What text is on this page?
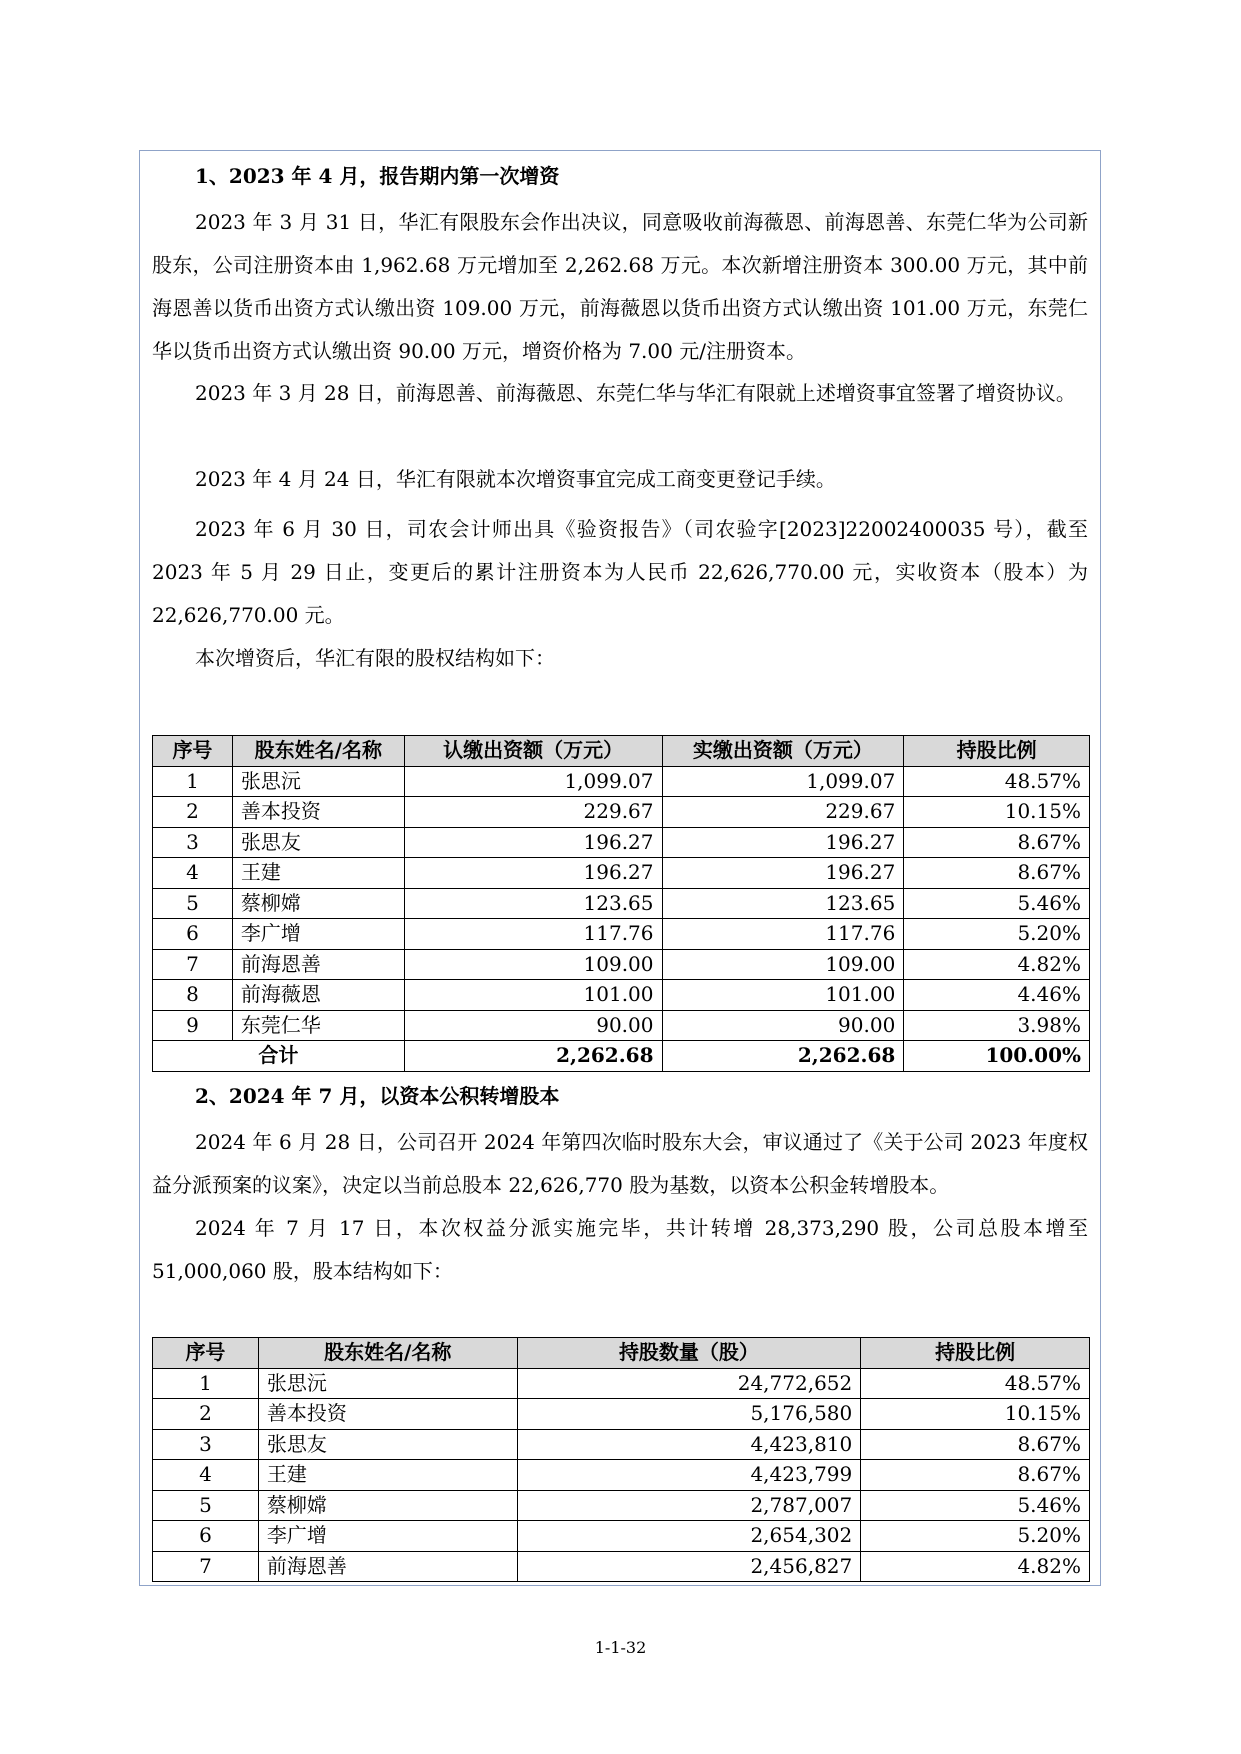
1、2023 年 4 月，报告期内第一次增资

2023 年 3 月 31 日，华汇有限股东会作出决议，同意吸收前海薇恩、前海恩善、东莞仁华为公司新股东，公司注册资本由 1,962.68 万元增加至 2,262.68 万元。本次新增注册资本 300.00 万元，其中前海恩善以货币出资方式认缴出资 109.00 万元，前海薇恩以货币出资方式认缴出资 101.00 万元，东莞仁华以货币出资方式认缴出资 90.00 万元，增资价格为 7.00 元/注册资本。

2023 年 3 月 28 日，前海恩善、前海薇恩、东莞仁华与华汇有限就上述增资事宜签署了增资协议。

2023 年 4 月 24 日，华汇有限就本次增资事宜完成工商变更登记手续。

2023 年 6 月 30 日，司农会计师出具《验资报告》（司农验字[2023]22002400035 号），截至 2023 年 5 月 29 日止，变更后的累计注册资本为人民币 22,626,770.00 元，实收资本（股本）为 22,626,770.00 元。

本次增资后，华汇有限的股权结构如下：

序号	股东姓名/名称	认缴出资额（万元）	实缴出资额（万元）	持股比例
1	张思沅	1,099.07	1,099.07	48.57%
2	善本投资	229.67	229.67	10.15%
3	张思友	196.27	196.27	8.67%
4	王建	196.27	196.27	8.67%
5	蔡柳嫦	123.65	123.65	5.46%
6	李广增	117.76	117.76	5.20%
7	前海恩善	109.00	109.00	4.82%
8	前海薇恩	101.00	101.00	4.46%
9	东莞仁华	90.00	90.00	3.98%
合计		2,262.68	2,262.68	100.00%

2、2024 年 7 月，以资本公积转增股本

2024 年 6 月 28 日，公司召开 2024 年第四次临时股东大会，审议通过了《关于公司 2023 年度权益分派预案的议案》，决定以当前总股本 22,626,770 股为基数，以资本公积金转增股本。

2024 年 7 月 17 日，本次权益分派实施完毕，共计转增 28,373,290 股，公司总股本增至 51,000,060 股，股本结构如下：

序号	股东姓名/名称	持股数量（股）	持股比例
1	张思沅	24,772,652	48.57%
2	善本投资	5,176,580	10.15%
3	张思友	4,423,810	8.67%
4	王建	4,423,799	8.67%
5	蔡柳嫦	2,787,007	5.46%
6	李广增	2,654,302	5.20%
7	前海恩善	2,456,827	4.82%
1-1-32
